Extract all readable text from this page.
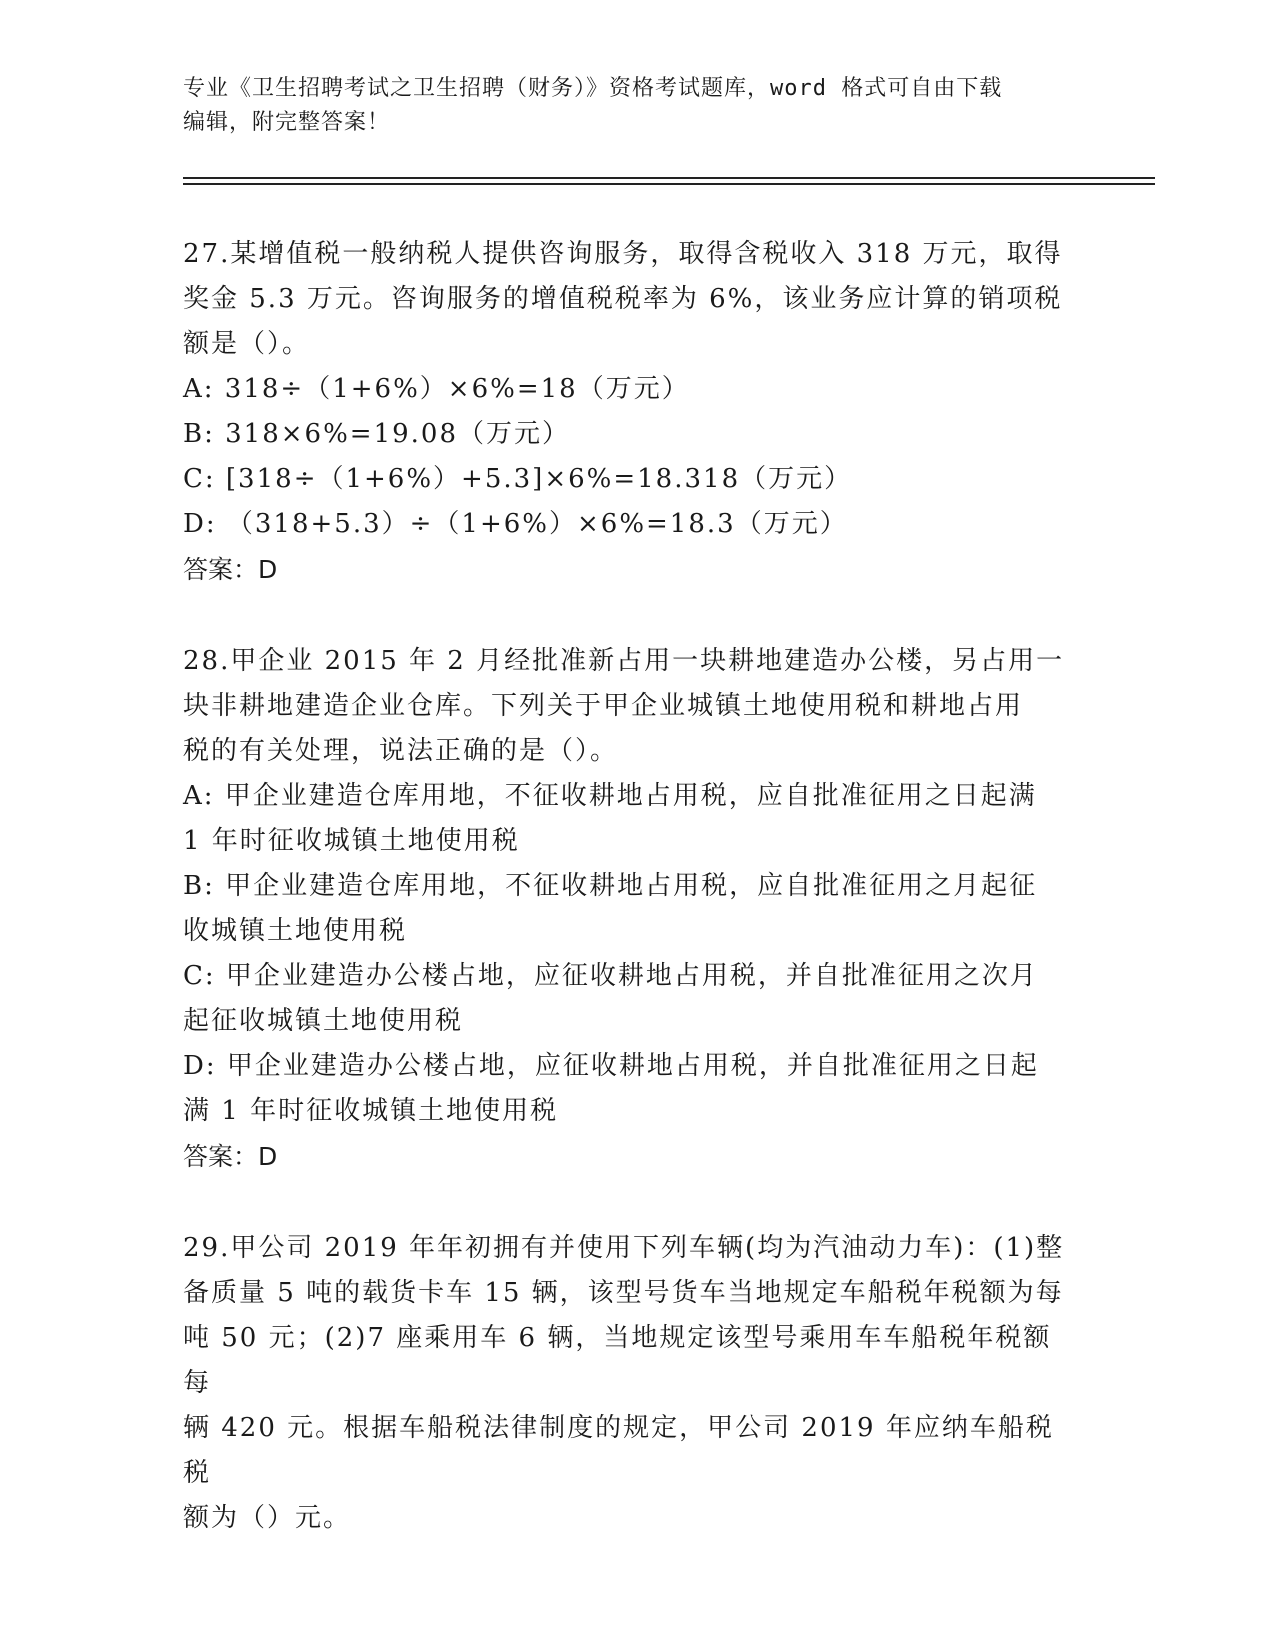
专业《卫生招聘考试之卫生招聘（财务）》资格考试题库，word 格式可自由下载
编辑，附完整答案！

27.某增值税一般纳税人提供咨询服务，取得含税收入 318 万元，取得

奖金 5.3 万元。咨询服务的增值税税率为 6%，该业务应计算的销项税

额是（）。

A: 318÷（1+6%）×6%=18（万元）

B: 318×6%=19.08（万元）

C: [318÷（1+6%）+5.3]×6%=18.318（万元）

D: （318+5.3）÷（1+6%）×6%=18.3（万元）

答案：D

28.甲企业 2015 年 2 月经批准新占用一块耕地建造办公楼，另占用一

块非耕地建造企业仓库。下列关于甲企业城镇土地使用税和耕地占用

税的有关处理，说法正确的是（）。

A: 甲企业建造仓库用地，不征收耕地占用税，应自批准征用之日起满

1 年时征收城镇土地使用税

B: 甲企业建造仓库用地，不征收耕地占用税，应自批准征用之月起征

收城镇土地使用税

C: 甲企业建造办公楼占地，应征收耕地占用税，并自批准征用之次月

起征收城镇土地使用税

D: 甲企业建造办公楼占地，应征收耕地占用税，并自批准征用之日起

满 1 年时征收城镇土地使用税

答案：D

29.甲公司 2019 年年初拥有并使用下列车辆(均为汽油动力车)：(1)整

备质量 5 吨的载货卡车 15 辆，该型号货车当地规定车船税年税额为每

吨 50 元；(2)7 座乘用车 6 辆，当地规定该型号乘用车车船税年税额每

辆 420 元。根据车船税法律制度的规定，甲公司 2019 年应纳车船税税

额为（）元。
